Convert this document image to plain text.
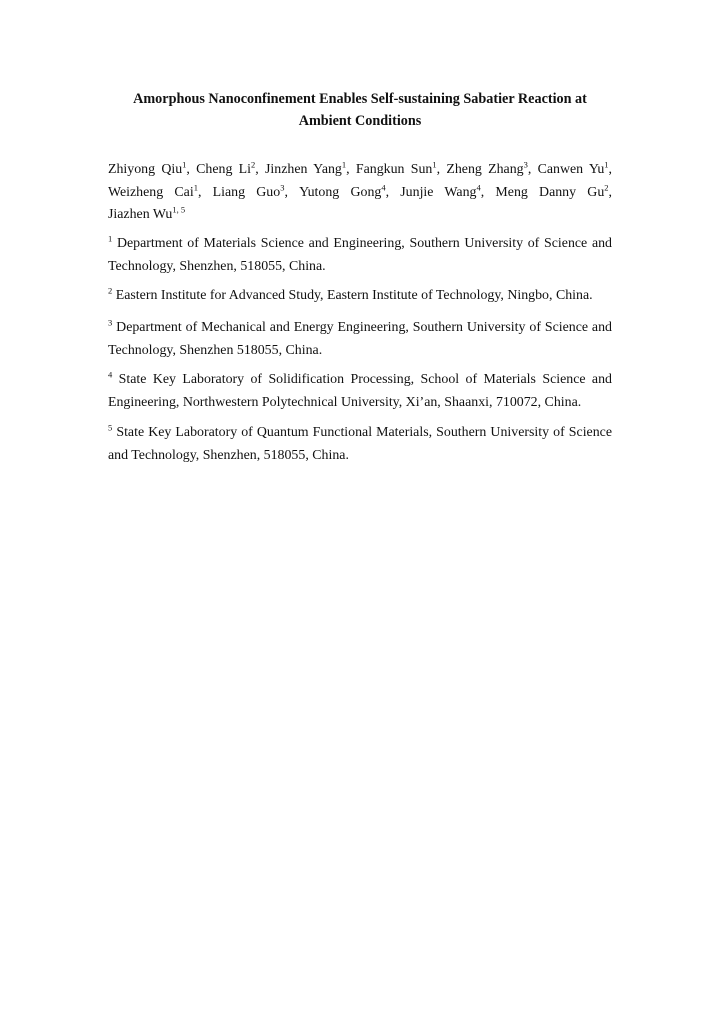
Amorphous Nanoconfinement Enables Self-sustaining Sabatier Reaction at
Ambient Conditions

Zhiyong Qiu$^1$, Cheng Li$^2$, Jinzhen Yang$^1$, Fangkun Sun$^1$, Zheng Zhang$^3$, Canwen Yu$^1$, Weizheng Cai$^1$, Liang Guo$^3$, Yutong Gong$^4$, Junjie Wang$^4$, Meng Danny Gu$^2$, Jiazhen Wu$^{1, 5}$

$^1$ Department of Materials Science and Engineering, Southern University of Science and Technology, Shenzhen, 518055, China.

$^2$ Eastern Institute for Advanced Study, Eastern Institute of Technology, Ningbo, China.

$^3$ Department of Mechanical and Energy Engineering, Southern University of Science and Technology, Shenzhen 518055, China.

$^4$ State Key Laboratory of Solidification Processing, School of Materials Science and Engineering, Northwestern Polytechnical University, Xi’an, Shaanxi, 710072, China.

$^5$ State Key Laboratory of Quantum Functional Materials, Southern University of Science and Technology, Shenzhen, 518055, China.
